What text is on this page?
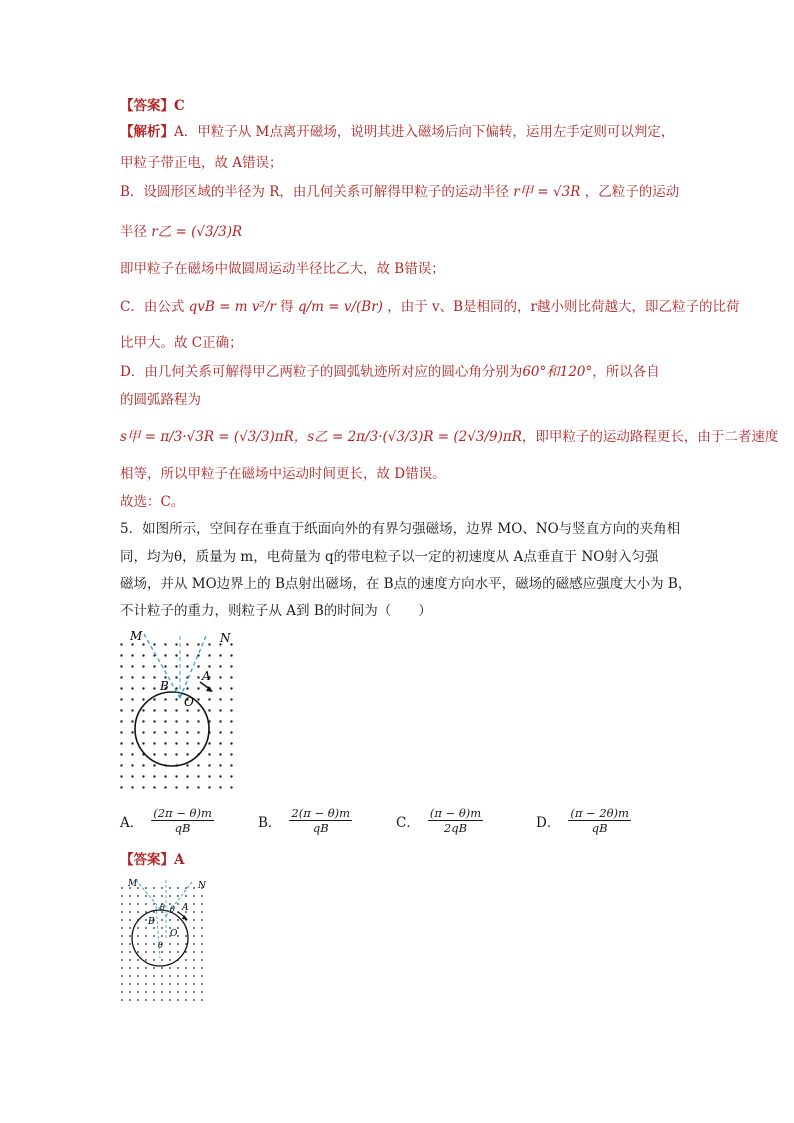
【答案】C
【解析】A．甲粒子从 M点离开磁场，说明其进入磁场后向下偏转，运用左手定则可以判定，
甲粒子带正电，故 A错误；
B．设圆形区域的半径为 R，由几何关系可解得甲粒子的运动半径 r甲 = √3R ，乙粒子的运动
半径 r乙 = (√3/3)R
即甲粒子在磁场中做圆周运动半径比乙大，故 B错误；
C．由公式 qvB = m v²/r 得 q/m = v/(Br) ，由于 v、B是相同的，r越小则比荷越大，即乙粒子的比荷
比甲大。故 C正确；
D．由几何关系可解得甲乙两粒子的圆弧轨迹所对应的圆心角分别为60°和120°，所以各自
的圆弧路程为
s甲 = π/3·√3R = (√3/3)πR，s乙 = 2π/3·(√3/3)R = (2√3/9)πR，即甲粒子的运动路程更长，由于二者速度
相等，所以甲粒子在磁场中运动时间更长，故 D错误。
故选：C。
5．如图所示，空间存在垂直于纸面向外的有界匀强磁场，边界 MO、NO与竖直方向的夹角相
同，均为θ，质量为 m，电荷量为 q的带电粒子以一定的初速度从 A点垂直于 NO射入匀强
磁场，并从 MO边界上的 B点射出磁场，在 B点的速度方向水平，磁场的磁感应强度大小为 B，
不计粒子的重力，则粒子从 A到 B的时间为（　　）
M	N
B
A
O
A． $\frac{(2\pi - \theta)m}{qB}$	B． $\frac{2(\pi - \theta)m}{qB}$	C． $\frac{(\pi - \theta)m}{2qB}$	D． $\frac{(\pi - 2\theta)m}{qB}$
【答案】A
M	N
B
A
O
θ θ
θ
